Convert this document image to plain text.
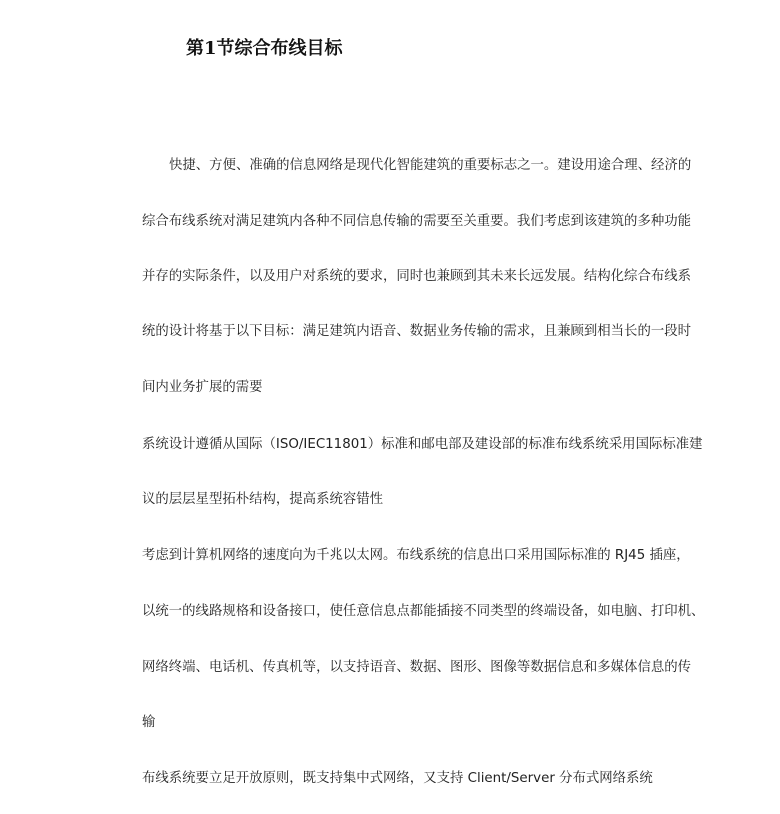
第1节综合布线目标
快捷、方便、准确的信息网络是现代化智能建筑的重要标志之一。建设用途合理、经济的
综合布线系统对满足建筑内各种不同信息传输的需要至关重要。我们考虑到该建筑的多种功能
并存的实际条件，以及用户对系统的要求，同时也兼顾到其未来长远发展。结构化综合布线系
统的设计将基于以下目标：满足建筑内语音、数据业务传输的需求，且兼顾到相当长的一段时
间内业务扩展的需要
系统设计遵循从国际（ISO/IEC11801）标准和邮电部及建设部的标准布线系统采用国际标准建
议的层层星型拓朴结构，提高系统容错性
考虑到计算机网络的速度向为千兆以太网。布线系统的信息出口采用国际标准的 RJ45 插座，
以统一的线路规格和设备接口，使任意信息点都能插接不同类型的终端设备，如电脑、打印机、
网络终端、电话机、传真机等，以支持语音、数据、图形、图像等数据信息和多媒体信息的传
输
布线系统要立足开放原则，既支持集中式网络，又支持 Client/Server 分布式网络系统
